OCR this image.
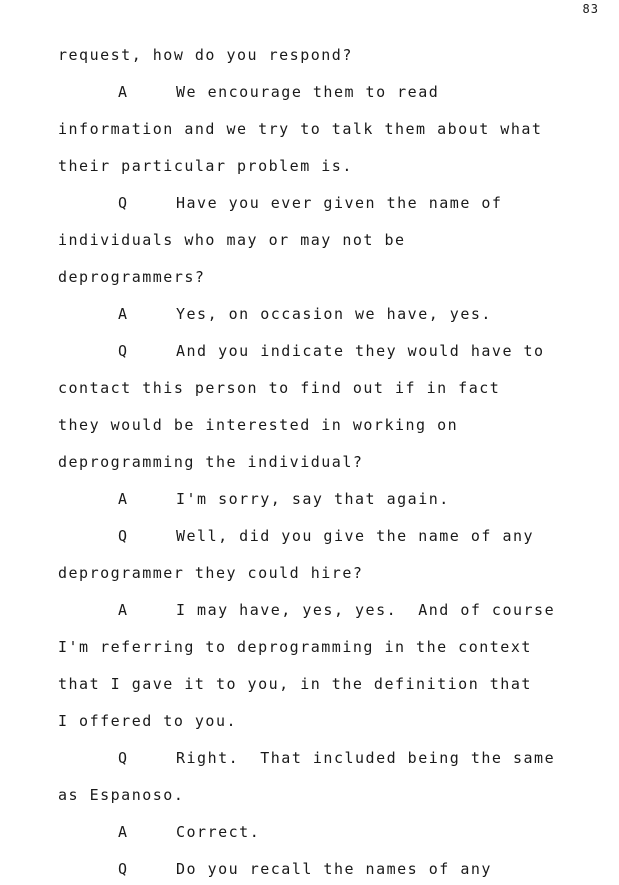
83
request, how do you respond?
A	We encourage them to read
information and we try to talk them about what
their particular problem is.
Q	Have you ever given the name of
individuals who may or may not be
deprogrammers?
A	Yes, on occasion we have, yes.
Q	And you indicate they would have to
contact this person to find out if in fact
they would be interested in working on
deprogramming the individual?
A	I'm sorry, say that again.
Q	Well, did you give the name of any
deprogrammer they could hire?
A	I may have, yes, yes.  And of course
I'm referring to deprogramming in the context
that I gave it to you, in the definition that
I offered to you.
Q	Right.  That included being the same
as Espanoso.
A	Correct.
Q	Do you recall the names of any
